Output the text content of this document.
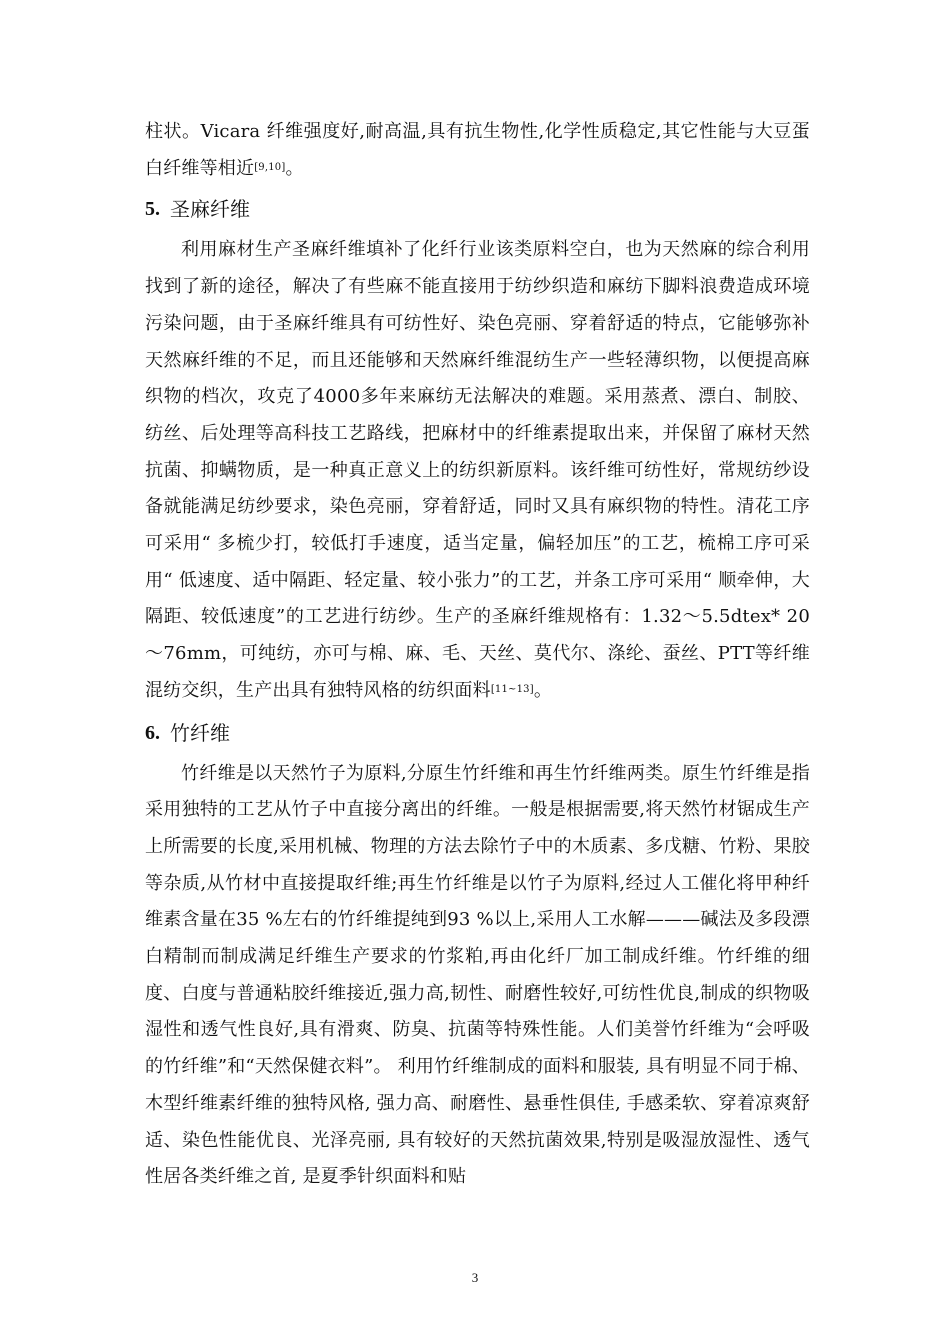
柱状。Vicara 纤维强度好,耐高温,具有抗生物性,化学性质稳定,其它性能与大豆蛋白纤维等相近[9,10]。

5. 圣麻纤维

利用麻材生产圣麻纤维填补了化纤行业该类原料空白，也为天然麻的综合利用找到了新的途径，解决了有些麻不能直接用于纺纱织造和麻纺下脚料浪费造成环境污染问题，由于圣麻纤维具有可纺性好、染色亮丽、穿着舒适的特点，它能够弥补天然麻纤维的不足，而且还能够和天然麻纤维混纺生产一些轻薄织物，以便提高麻织物的档次，攻克了4000多年来麻纺无法解决的难题。采用蒸煮、漂白、制胶、纺丝、后处理等高科技工艺路线，把麻材中的纤维素提取出来，并保留了麻材天然抗菌、抑螨物质，是一种真正意义上的纺织新原料。该纤维可纺性好，常规纺纱设备就能满足纺纱要求，染色亮丽，穿着舒适，同时又具有麻织物的特性。清花工序可采用“ 多梳少打，较低打手速度，适当定量，偏轻加压”的工艺，梳棉工序可采用“ 低速度、适中隔距、轻定量、较小张力”的工艺，并条工序可采用“ 顺牵伸，大隔距、较低速度”的工艺进行纺纱。生产的圣麻纤维规格有：1.32～5.5dtex* 20～76mm，可纯纺，亦可与棉、麻、毛、天丝、莫代尔、涤纶、蚕丝、PTT等纤维混纺交织，生产出具有独特风格的纺织面料[11~13]。

6. 竹纤维

竹纤维是以天然竹子为原料,分原生竹纤维和再生竹纤维两类。原生竹纤维是指采用独特的工艺从竹子中直接分离出的纤维。一般是根据需要,将天然竹材锯成生产上所需要的长度,采用机械、物理的方法去除竹子中的木质素、多戊糖、竹粉、果胶等杂质,从竹材中直接提取纤维;再生竹纤维是以竹子为原料,经过人工催化将甲种纤维素含量在35 %左右的竹纤维提纯到93 %以上,采用人工水解———碱法及多段漂白精制而制成满足纤维生产要求的竹浆粕,再由化纤厂加工制成纤维。竹纤维的细度、白度与普通粘胶纤维接近,强力高,韧性、耐磨性较好,可纺性优良,制成的织物吸湿性和透气性良好,具有滑爽、防臭、抗菌等特殊性能。人们美誉竹纤维为“会呼吸的竹纤维”和“天然保健衣料”。 利用竹纤维制成的面料和服装, 具有明显不同于棉、木型纤维素纤维的独特风格, 强力高、耐磨性、悬垂性俱佳, 手感柔软、穿着凉爽舒适、染色性能优良、光泽亮丽, 具有较好的天然抗菌效果,特别是吸湿放湿性、透气性居各类纤维之首, 是夏季针织面料和贴

3
